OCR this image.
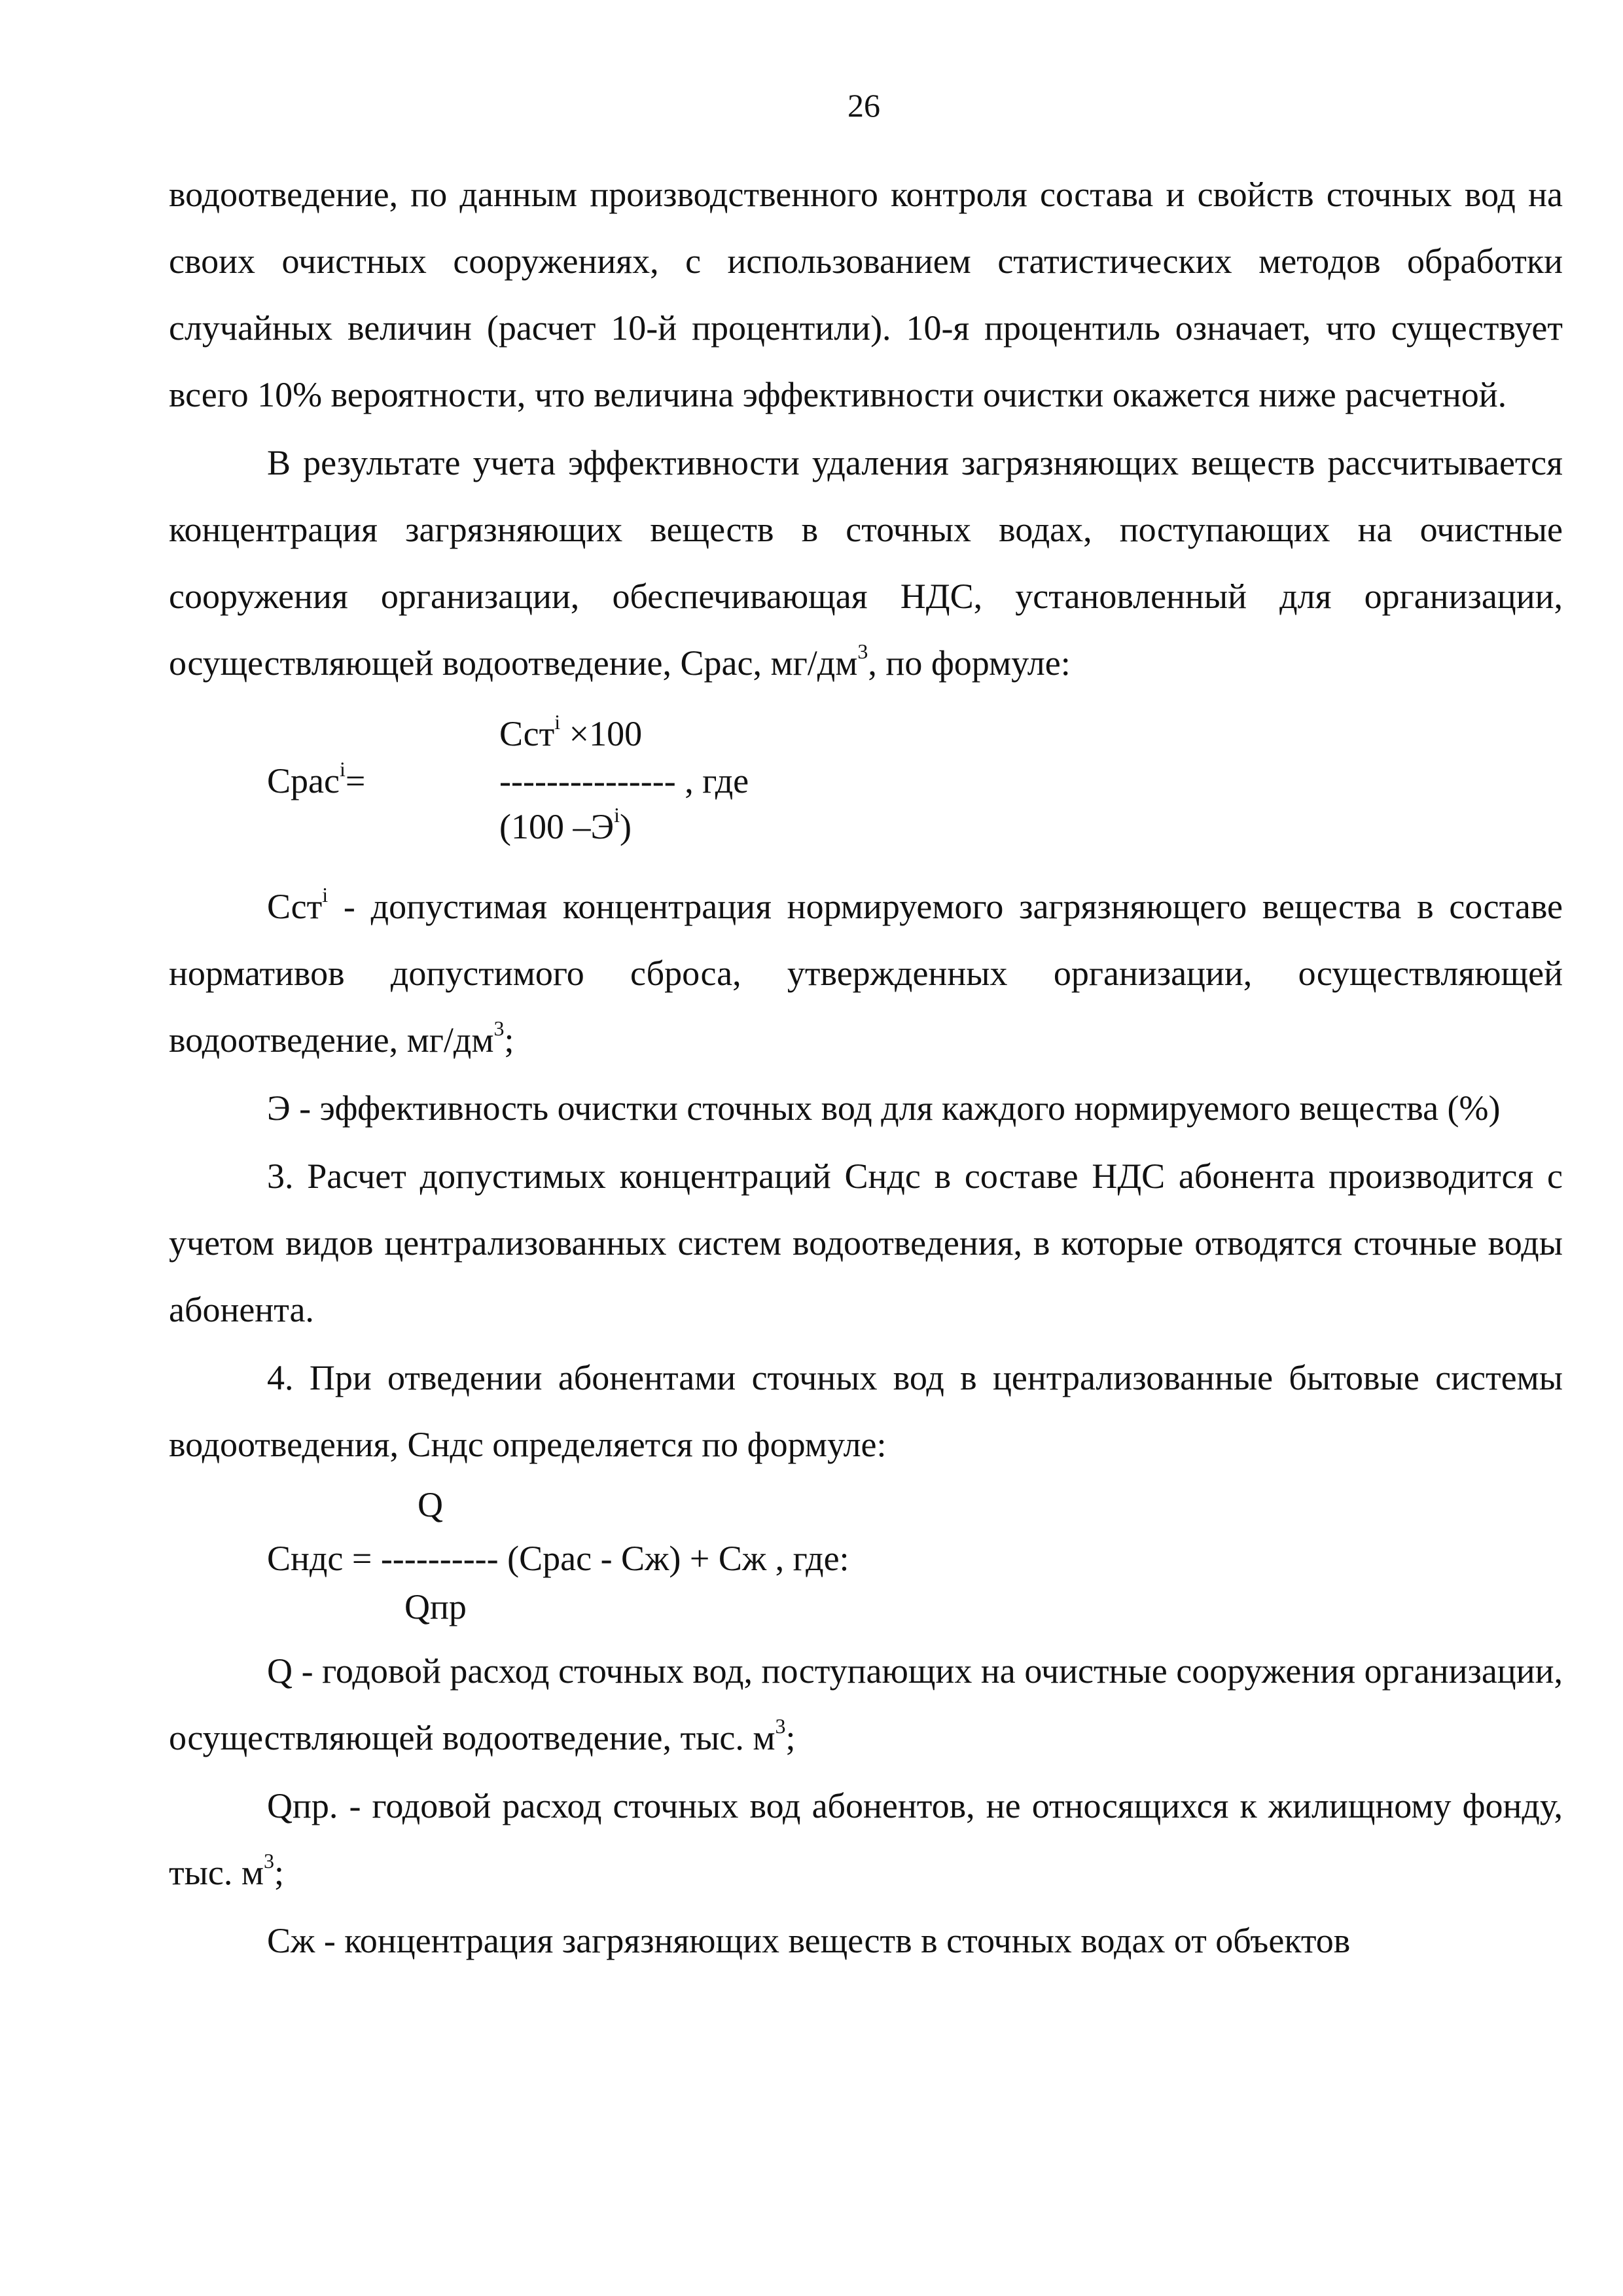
26

водоотведение, по данным производственного контроля состава и свойств сточных вод на своих очистных сооружениях, с использованием статистических методов обработки случайных величин (расчет 10-й процентили). 10-я процентиль означает, что существует всего 10% вероятности, что величина эффективности очистки окажется ниже расчетной.

В результате учета эффективности удаления загрязняющих веществ рассчитывается концентрация загрязняющих веществ в сточных водах, поступающих на очистные сооружения организации, обеспечивающая НДС, установленный для организации, осуществляющей водоотведение, Срас, $мг/дм^3$, по формуле:

Срас$^i$=
Сст$^i$ ×100
--------------- , где
(100 $-Э^i$)

Сст$^i$ - допустимая концентрация нормируемого загрязняющего вещества в составе нормативов допустимого сброса, утвержденных организации, осуществляющей водоотведение, $мг/дм^3$;

Э - эффективность очистки сточных вод для каждого нормируемого вещества (%)

3. Расчет допустимых концентраций Сндс в составе НДС абонента производится с учетом видов централизованных систем водоотведения, в которые отводятся сточные воды абонента.

4. При отведении абонентами сточных вод в централизованные бытовые системы водоотведения, Сндс определяется по формуле:

Q
Сндс = ---------- (Срас - Сж) + Сж , где:
Qпр

Q - годовой расход сточных вод, поступающих на очистные сооружения организации, осуществляющей водоотведение, тыс. $м^3$;

Qпр. - годовой расход сточных вод абонентов, не относящихся к жилищному фонду, тыс. $м^3$;

Сж - концентрация загрязняющих веществ в сточных водах от объектов
